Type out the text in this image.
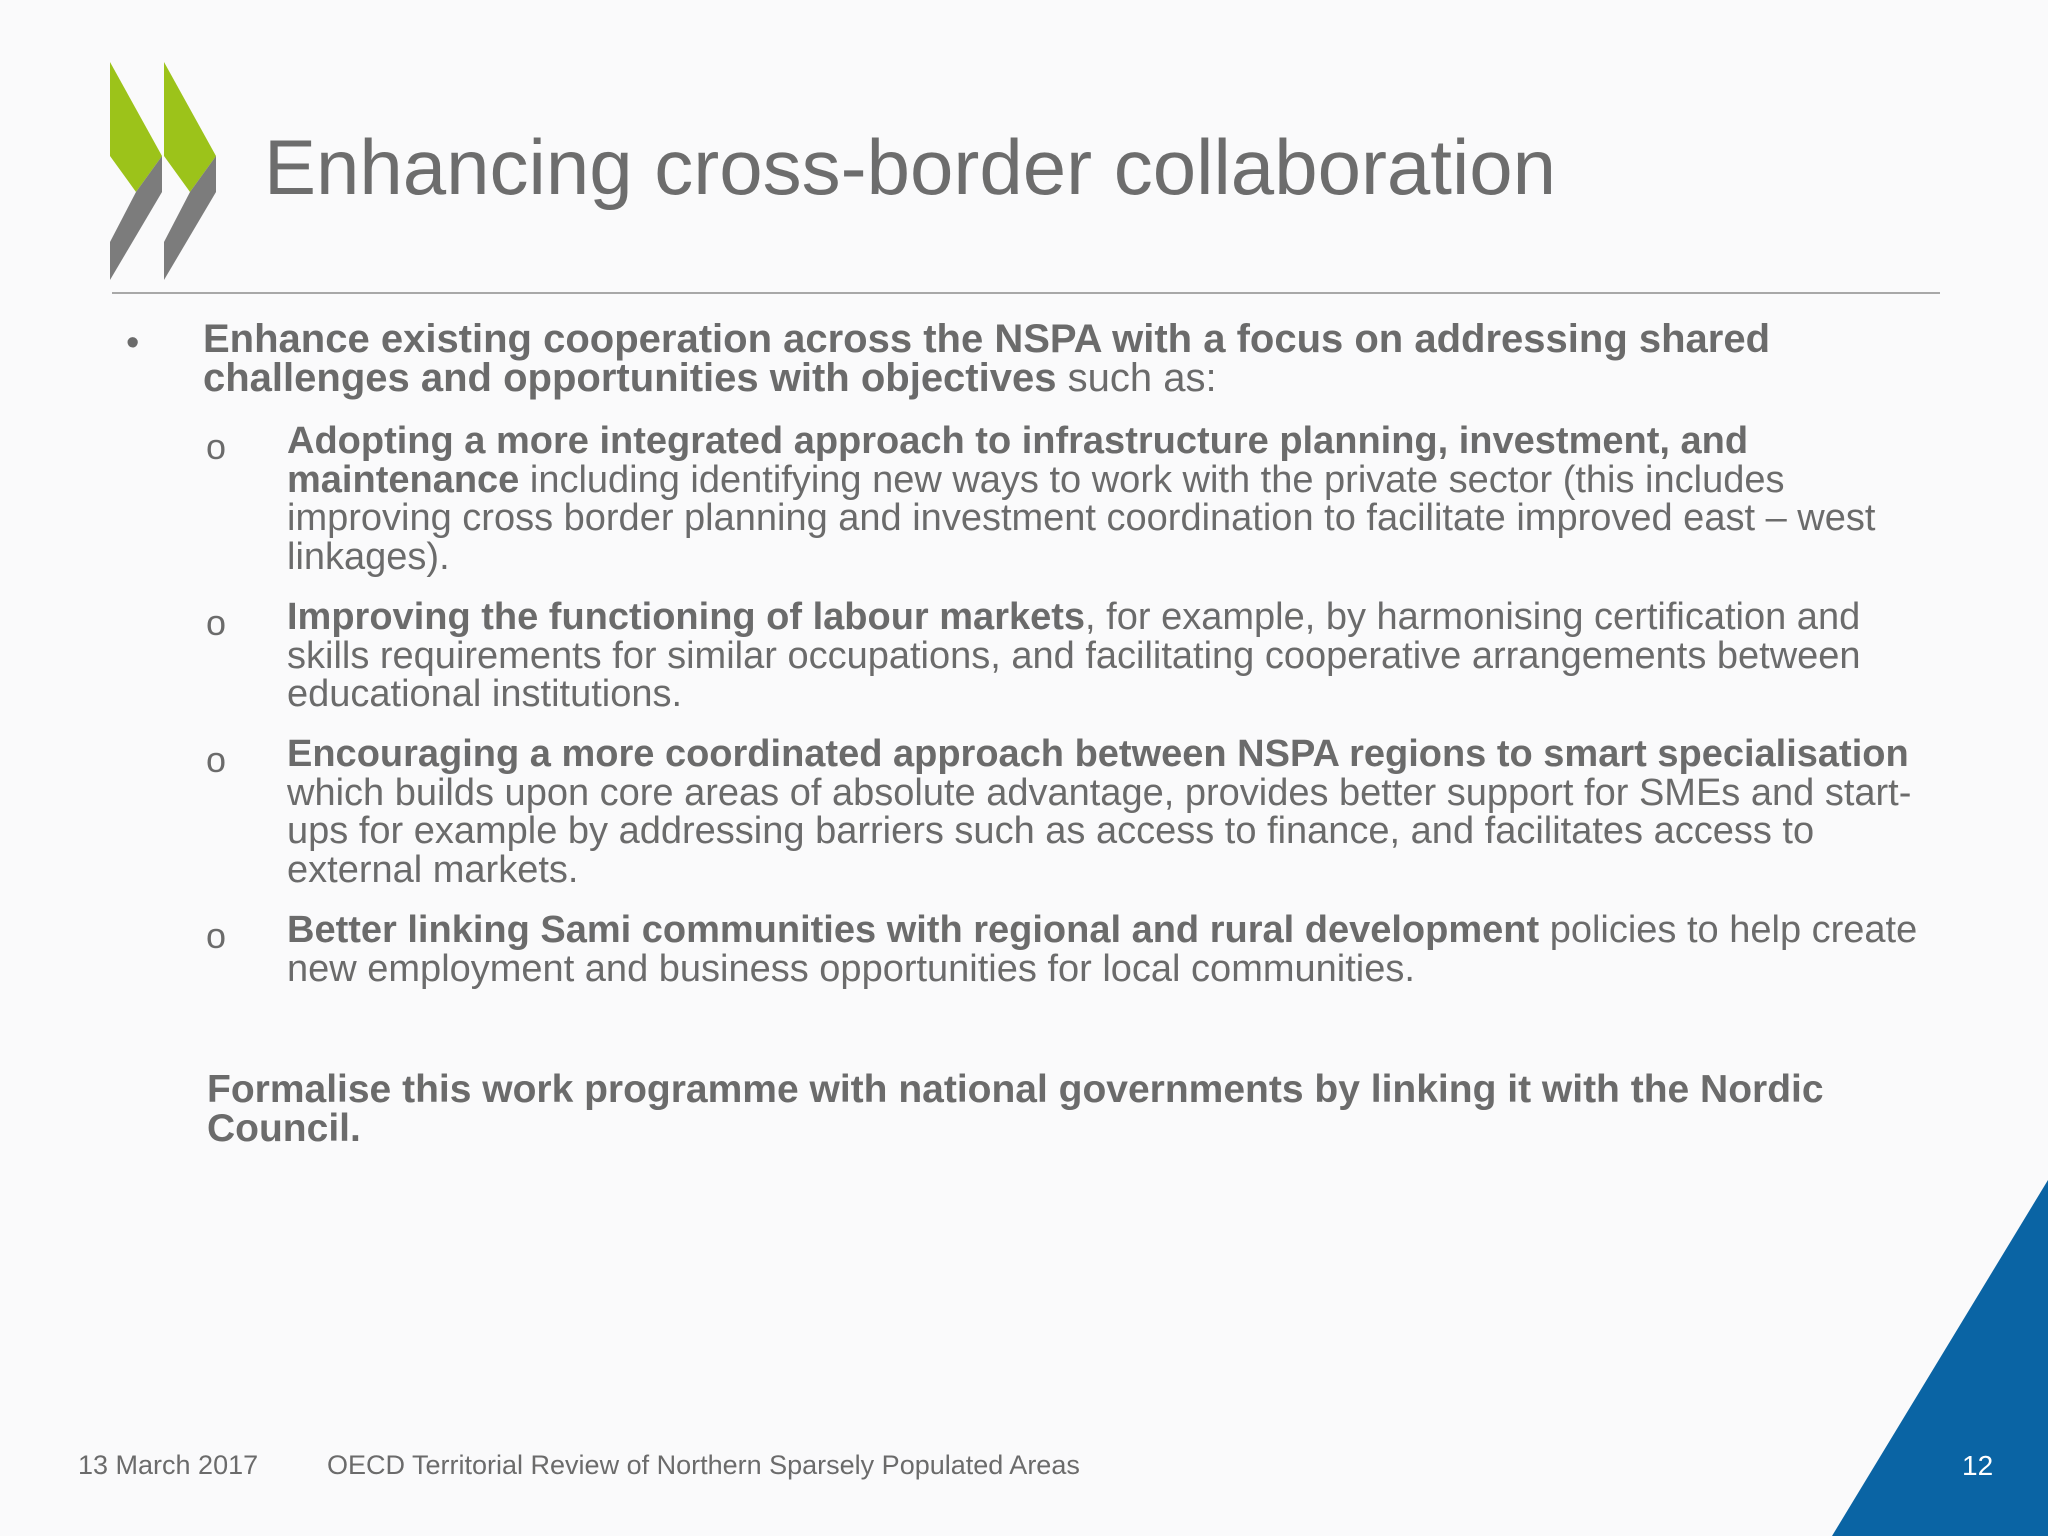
Enhancing cross-border collaboration
• Enhance existing cooperation across the NSPA with a focus on addressing shared challenges and opportunities with objectives such as:
o Adopting a more integrated approach to infrastructure planning, investment, and maintenance including identifying new ways to work with the private sector (this includes improving cross border planning and investment coordination to facilitate improved east – west linkages).
o Improving the functioning of labour markets, for example, by harmonising certification and skills requirements for similar occupations, and facilitating cooperative arrangements between educational institutions.
o Encouraging a more coordinated approach between NSPA regions to smart specialisation which builds upon core areas of absolute advantage, provides better support for SMEs and start-ups for example by addressing barriers such as access to finance, and facilitates access to external markets.
o Better linking Sami communities with regional and rural development policies to help create new employment and business opportunities for local communities.
Formalise this work programme with national governments by linking it with the Nordic Council.
13 March 2017	OECD Territorial Review of Northern Sparsely Populated Areas	12
